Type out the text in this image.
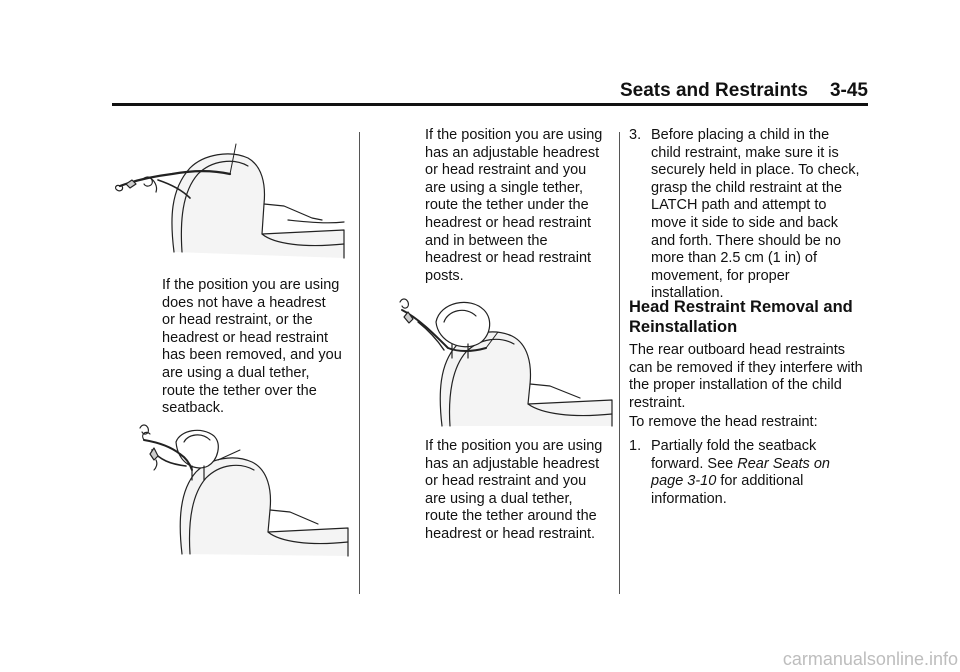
Seats and Restraints 3-45

If the position you are using
does not have a headrest
or head restraint, or the
headrest or head restraint
has been removed, and you
are using a dual tether,
route the tether over the
seatback.

If the position you are using
has an adjustable headrest
or head restraint and you
are using a single tether,
route the tether under the
headrest or head restraint
and in between the
headrest or head restraint
posts.

If the position you are using
has an adjustable headrest
or head restraint and you
are using a dual tether,
route the tether around the
headrest or head restraint.

3. Before placing a child in the
child restraint, make sure it is
securely held in place. To check,
grasp the child restraint at the
LATCH path and attempt to
move it side to side and back
and forth. There should be no
more than 2.5 cm (1 in) of
movement, for proper
installation.
Head Restraint Removal and
Reinstallation

The rear outboard head restraints
can be removed if they interfere with
the proper installation of the child
restraint.

To remove the head restraint:

1. Partially fold the seatback
forward. See Rear Seats on
page 3-10 for additional
information.
carmanualsonline.info
